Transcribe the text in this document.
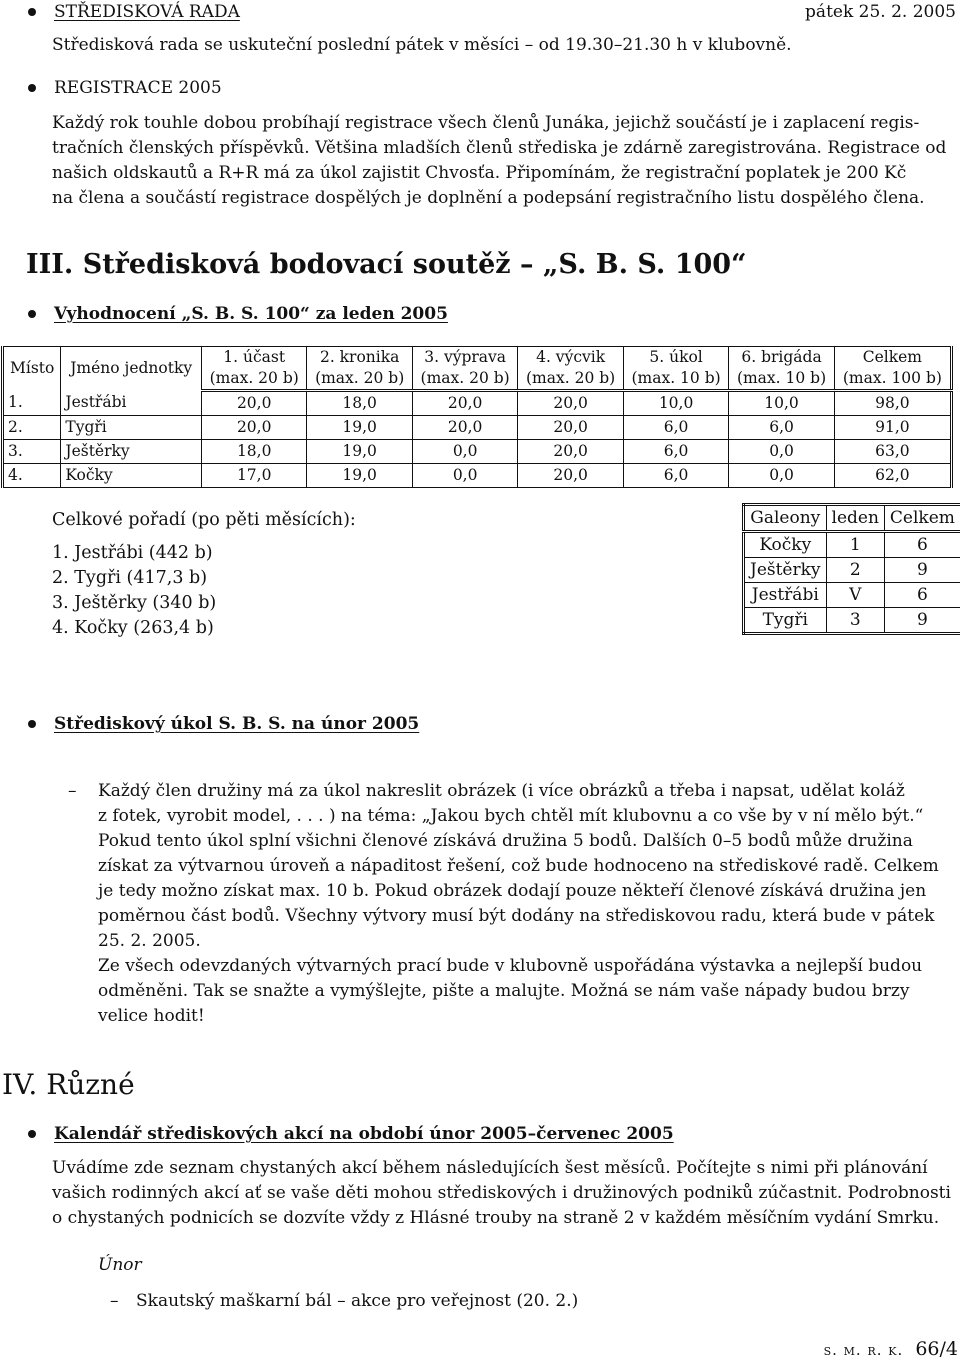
STŘEDISKOVÁ RADA	pátek 25. 2. 2005
Středisková rada se uskuteční poslední pátek v měsíci – od 19.30–21.30 h v klubovně.
REGISTRACE 2005
Každý rok touhle dobou probíhají registrace všech členů Junáka, jejichž součástí je i zaplacení regis-
tračních členských příspěvků. Většina mladších členů střediska je zdárně zaregistrována. Registrace od
našich oldskautů a R+R má za úkol zajistit Chvosťa. Připomínám, že registrační poplatek je 200 Kč
na člena a součástí registrace dospělých je doplnění a podepsání registračního listu dospělého člena.
III. Středisková bodovací soutěž – „S. B. S. 100“
Vyhodnocení „S. B. S. 100“ za leden 2005
Místo	Jméno jednotky	1. účast	2. kronika	3. výprava	4. výcvik	5. úkol	6. brigáda	Celkem
		(max. 20 b)	(max. 20 b)	(max. 20 b)	(max. 20 b)	(max. 10 b)	(max. 10 b)	(max. 100 b)
1.	Jestřábi	20,0	18,0	20,0	20,0	10,0	10,0	98,0
2.	Tygři	20,0	19,0	20,0	20,0	6,0	6,0	91,0
3.	Ještěrky	18,0	19,0	0,0	20,0	6,0	0,0	63,0
4.	Kočky	17,0	19,0	0,0	20,0	6,0	0,0	62,0
Celkové pořadí (po pěti měsících):
1. Jestřábi (442 b)
2. Tygři (417,3 b)
3. Ještěrky (340 b)
4. Kočky (263,4 b)
Galeony	leden	Celkem
Kočky	1	6
Ještěrky	2	9
Jestřábi	V	6
Tygři	3	9
Střediskový úkol S. B. S. na únor 2005
– Každý člen družiny má za úkol nakreslit obrázek (i více obrázků a třeba i napsat, udělat koláž
z fotek, vyrobit model, . . . ) na téma: „Jakou bych chtěl mít klubovnu a co vše by v ní mělo být.“
Pokud tento úkol splní všichni členové získává družina 5 bodů. Dalších 0–5 bodů může družina
získat za výtvarnou úroveň a nápaditost řešení, což bude hodnoceno na střediskové radě. Celkem
je tedy možno získat max. 10 b. Pokud obrázek dodají pouze někteří členové získává družina jen
poměrnou část bodů. Všechny výtvory musí být dodány na střediskovou radu, která bude v pátek
25. 2. 2005.
Ze všech odevzdaných výtvarných prací bude v klubovně uspořádána výstavka a nejlepší budou
odměněni. Tak se snažte a vymýšlejte, pište a malujte. Možná se nám vaše nápady budou brzy
velice hodit!
IV. Různé
Kalendář střediskových akcí na období únor 2005–červenec 2005
Uvádíme zde seznam chystaných akcí během následujících šest měsíců. Počítejte s nimi při plánování
vašich rodinných akcí ať se vaše děti mohou střediskových i družinových podniků zúčastnit. Podrobnosti
o chystaných podnicích se dozvíte vždy z Hlásné trouby na straně 2 v každém měsíčním vydání Smrku.
Únor
– Skautský maškarní bál – akce pro veřejnost (20. 2.)
s. m. r. k. 66/4
